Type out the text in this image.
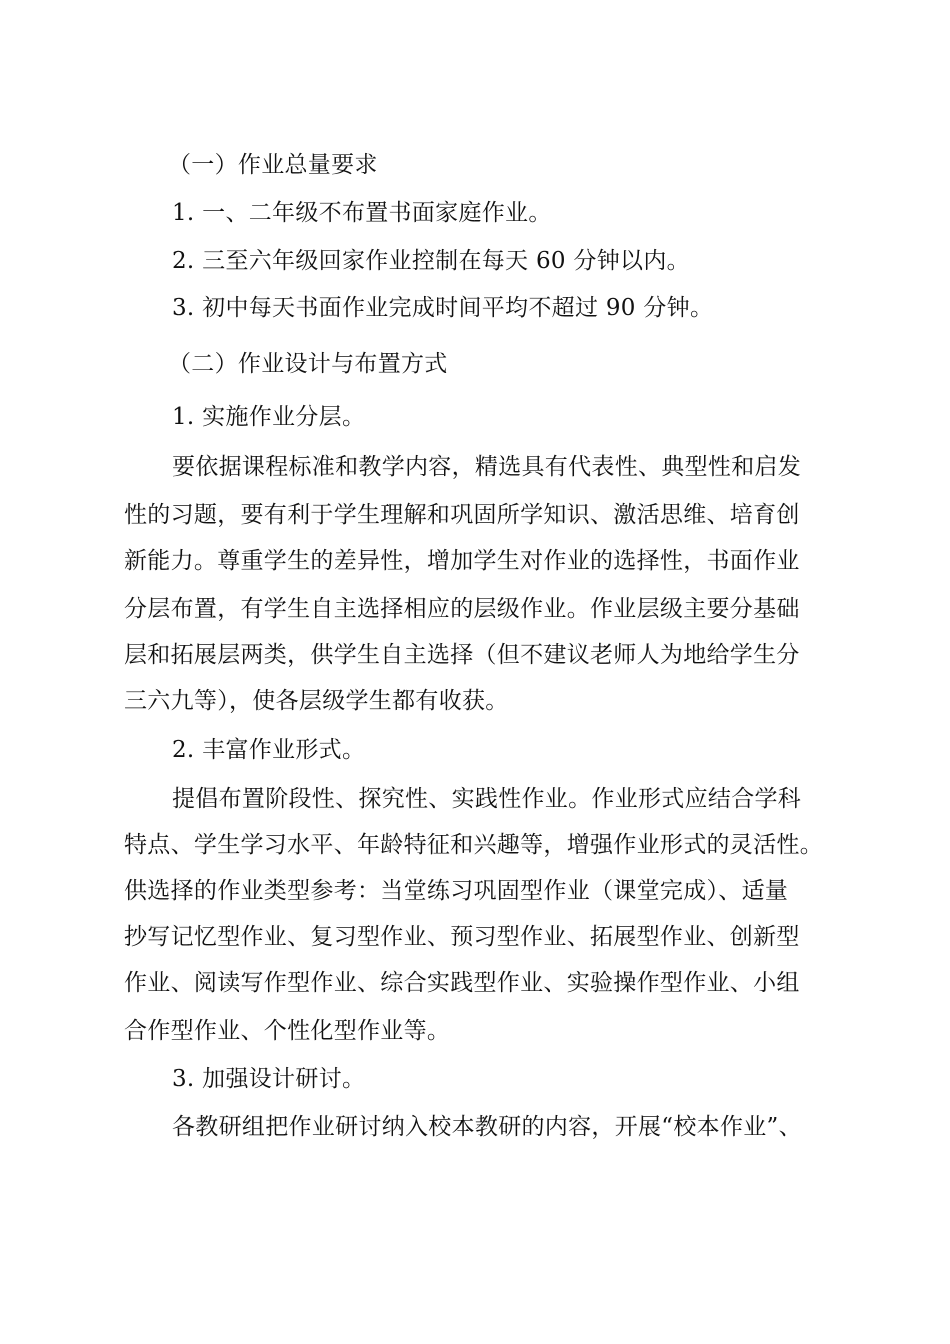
（一）作业总量要求
1. 一、二年级不布置书面家庭作业。
2. 三至六年级回家作业控制在每天 60 分钟以内。
3. 初中每天书面作业完成时间平均不超过 90 分钟。
（二）作业设计与布置方式
1. 实施作业分层。
要依据课程标准和教学内容，精选具有代表性、典型性和启发
性的习题，要有利于学生理解和巩固所学知识、激活思维、培育创
新能力。尊重学生的差异性，增加学生对作业的选择性，书面作业
分层布置，有学生自主选择相应的层级作业。作业层级主要分基础
层和拓展层两类，供学生自主选择（但不建议老师人为地给学生分
三六九等），使各层级学生都有收获。
2. 丰富作业形式。
提倡布置阶段性、探究性、实践性作业。作业形式应结合学科
特点、学生学习水平、年龄特征和兴趣等，增强作业形式的灵活性。
供选择的作业类型参考：当堂练习巩固型作业（课堂完成）、适量
抄写记忆型作业、复习型作业、预习型作业、拓展型作业、创新型
作业、阅读写作型作业、综合实践型作业、实验操作型作业、小组
合作型作业、个性化型作业等。
3. 加强设计研讨。
各教研组把作业研讨纳入校本教研的内容，开展“校本作业”、
